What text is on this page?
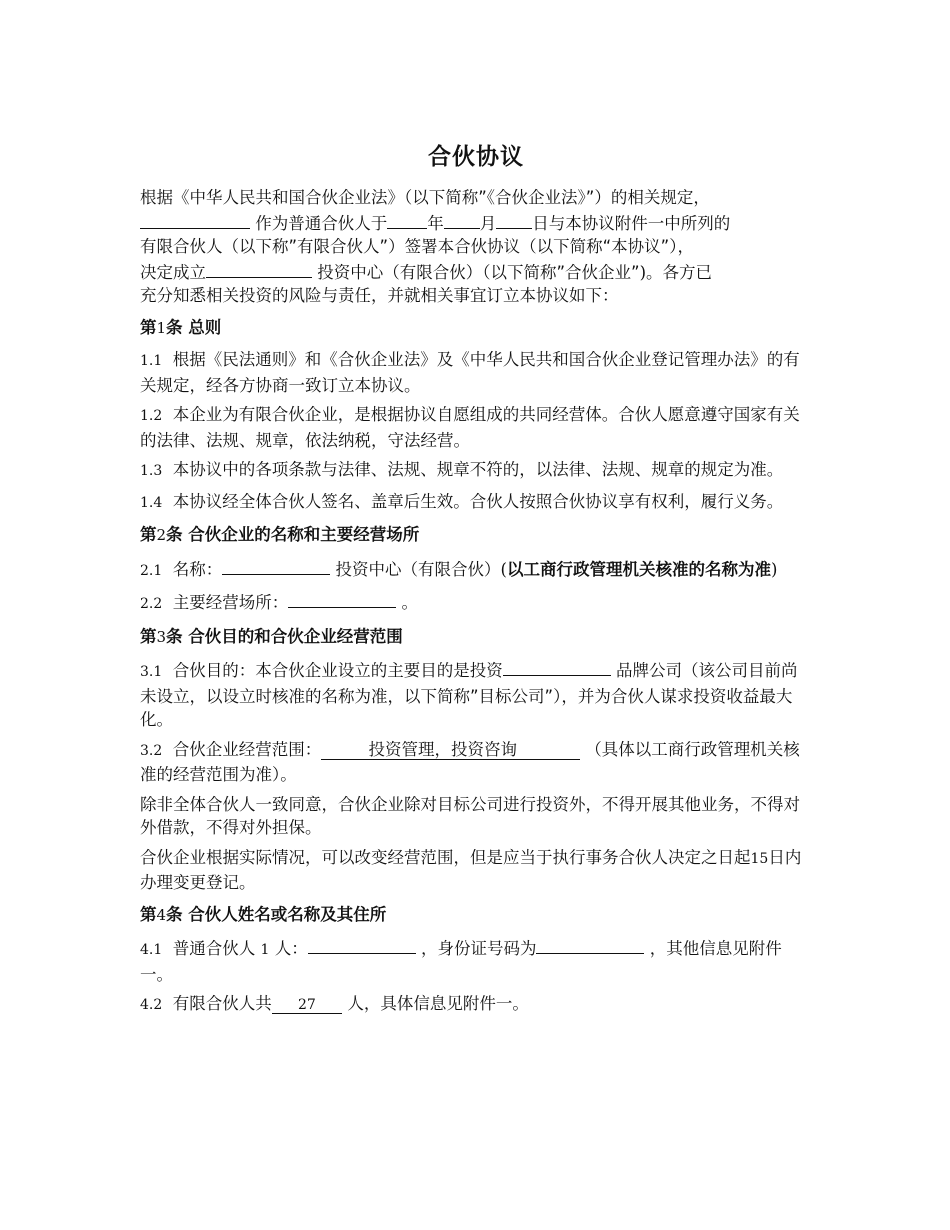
合伙协议

根据《中华人民共和国合伙企业法》（以下简称”《合伙企业法》”）的相关规定，
作为普通合伙人于 年 月 日与本协议附件一中所列的
有限合伙人（以下称”有限合伙人”）签署本合伙协议（以下简称“本协议”），
决定成立	投资中心（有限合伙）（以下简称”合伙企业”)。各方已
充分知悉相关投资的风险与责任，并就相关事宜订立本协议如下：

第1条 总则

1.1 根据《民法通则》和《合伙企业法》及《中华人民共和国合伙企业登记管理办法》的有关规定，经各方协商一致订立本协议。

1.2 本企业为有限合伙企业，是根据协议自愿组成的共同经营体。合伙人愿意遵守国家有关的法律、法规、规章，依法纳税，守法经营。

1.3 本协议中的各项条款与法律、法规、规章不符的，以法律、法规、规章的规定为准。

1.4 本协议经全体合伙人签名、盖章后生效。合伙人按照合伙协议享有权利，履行义务。

第2条 合伙企业的名称和主要经营场所

2.1 名称：	投资中心（有限合伙）(以工商行政管理机关核准的名称为准)

2.2 主要经营场所：	。

第3条 合伙目的和合伙企业经营范围

3.1 合伙目的：本合伙企业设立的主要目的是投资	品牌公司（该公司目前尚未设立，以设立时核准的名称为准，以下简称”目标公司”），并为合伙人谋求投资收益最大化。

3.2 合伙企业经营范围：	投资管理，投资咨询	（具体以工商行政管理机关核准的经营范围为准）。

除非全体合伙人一致同意，合伙企业除对目标公司进行投资外，不得开展其他业务，不得对外借款，不得对外担保。

合伙企业根据实际情况，可以改变经营范围，但是应当于执行事务合伙人决定之日起15日内办理变更登记。

第4条 合伙人姓名或名称及其住所

4.1 普通合伙人 1 人：	，身份证号码为	，其他信息见附件一。

4.2 有限合伙人共 27 人，具体信息见附件一。
